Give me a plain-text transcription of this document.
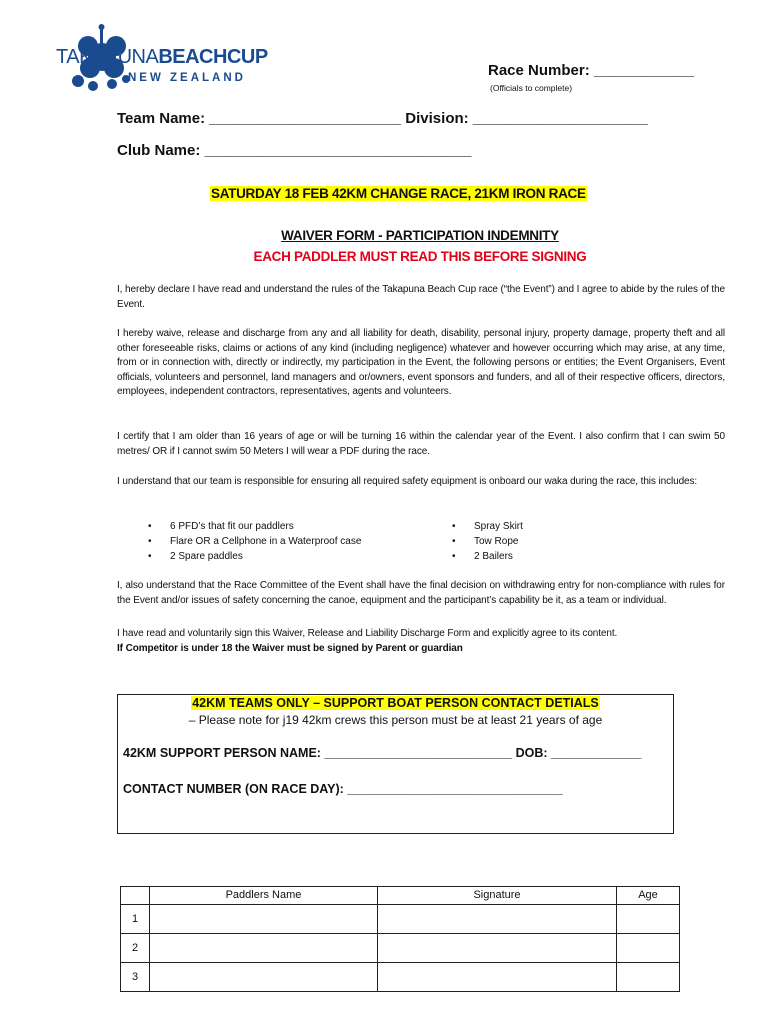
TAKAPUNABEACHCUP
NEW ZEALAND	Race Number: ____________
(Officials to complete)
Team Name: _______________________ Division: _____________________
Club Name: ________________________________
SATURDAY 18 FEB 42KM CHANGE RACE, 21KM IRON RACE
WAIVER FORM - PARTICIPATION INDEMNITY
EACH PADDLER MUST READ THIS BEFORE SIGNING
I, hereby declare I have read and understand the rules of the Takapuna Beach Cup race (“the Event”) and I agree to abide by the rules of the Event.
I hereby waive, release and discharge from any and all liability for death, disability, personal injury, property damage, property theft and all other foreseeable risks, claims or actions of any kind (including negligence) whatever and however occurring which may arise, at any time, from or in connection with, directly or indirectly, my participation in the Event, the following persons or entities; the Event Organisers, Event officials, volunteers and personnel, land managers and or/owners, event sponsors and funders, and all of their respective officers, directors, employees, independent contractors, representatives, agents and volunteers.
I certify that I am older than 16 years of age or will be turning 16 within the calendar year of the Event. I also confirm that I can swim 50 metres/ OR if I cannot swim 50 Meters I will wear a PDF during the race.
I understand that our team is responsible for ensuring all required safety equipment is onboard our waka during the race, this includes:
• 6 PFD’s that fit our paddlers
• Flare OR a Cellphone in a Waterproof case
• 2 Spare paddles
• Spray Skirt
• Tow Rope
• 2 Bailers
I, also understand that the Race Committee of the Event shall have the final decision on withdrawing entry for non-compliance with rules for the Event and/or issues of safety concerning the canoe, equipment and the participant’s capability be it, as a team or individual.
I have read and voluntarily sign this Waiver, Release and Liability Discharge Form and explicitly agree to its content.
If Competitor is under 18 the Waiver must be signed by Parent or guardian
42KM TEAMS ONLY – SUPPORT BOAT PERSON CONTACT DETIALS
– Please note for j19 42km crews this person must be at least 21 years of age
42KM SUPPORT PERSON NAME: ___________________________ DOB: _____________
CONTACT NUMBER (ON RACE DAY): _______________________________
	Paddlers Name	Signature	Age
1			
2			
3			
